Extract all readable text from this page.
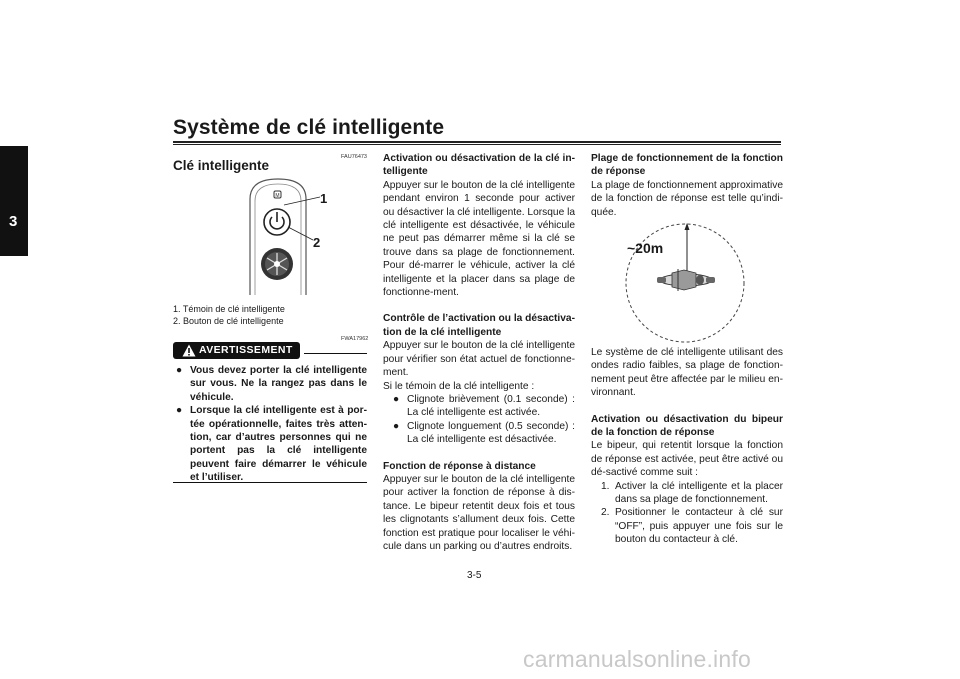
Système de clé intelligente
3
FAU76473
Clé intelligente
M	1
2
1. Témoin de clé intelligente
2. Bouton de clé intelligente
FWA17962
AVERTISSEMENT
● Vous devez porter la clé intelligente sur vous. Ne la rangez pas dans le véhicule.
● Lorsque la clé intelligente est à por-tée opérationnelle, faites très atten-tion, car d’autres personnes qui ne portent pas la clé intelligente peuvent faire démarrer le véhicule et l’utiliser.
Activation ou désactivation de la clé in-telligente
Appuyer sur le bouton de la clé intelligente pendant environ 1 seconde pour activer ou désactiver la clé intelligente. Lorsque la clé intelligente est désactivée, le véhicule ne peut pas démarrer même si la clé se trouve dans sa plage de fonctionnement. Pour dé-marrer le véhicule, activer la clé intelligente et la placer dans sa plage de fonctionne-ment.
Contrôle de l’activation ou la désactiva-tion de la clé intelligente
Appuyer sur le bouton de la clé intelligente pour vérifier son état actuel de fonctionne-ment.
Si le témoin de la clé intelligente :
● Clignote brièvement (0.1 seconde) : La clé intelligente est activée.
● Clignote longuement (0.5 seconde) : La clé intelligente est désactivée.
Fonction de réponse à distance
Appuyer sur le bouton de la clé intelligente pour activer la fonction de réponse à dis-tance. Le bipeur retentit deux fois et tous les clignotants s’allument deux fois. Cette fonction est pratique pour localiser le véhi-cule dans un parking ou d’autres endroits.
Plage de fonctionnement de la fonction de réponse
La plage de fonctionnement approximative de la fonction de réponse est telle qu’indi-quée.
~20m
Le système de clé intelligente utilisant des ondes radio faibles, sa plage de fonction-nement peut être affectée par le milieu en-vironnant.
Activation ou désactivation du bipeur de la fonction de réponse
Le bipeur, qui retentit lorsque la fonction de réponse est activée, peut être activé ou dé-sactivé comme suit :
1. Activer la clé intelligente et la placer dans sa plage de fonctionnement.
2. Positionner le contacteur à clé sur “OFF”, puis appuyer une fois sur le bouton du contacteur à clé.
3-5
carmanualsonline.info
